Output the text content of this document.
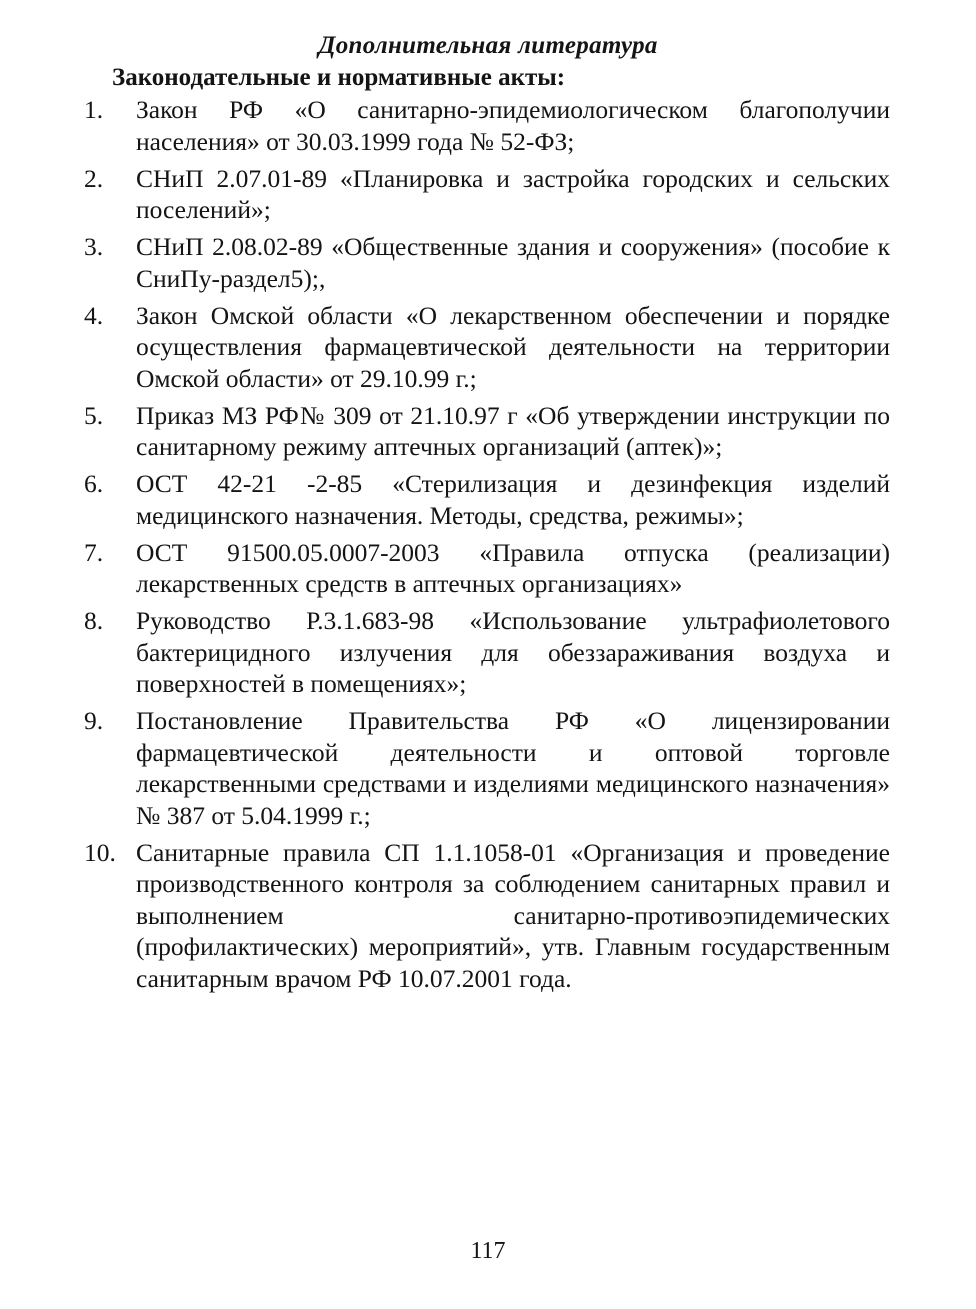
Дополнительная литература
Законодательные и нормативные акты:
1.	Закон РФ «О санитарно-эпидемиологическом благополучии населения» от 30.03.1999 года № 52-ФЗ;
2.	СНиП 2.07.01-89 «Планировка и застройка городских и сельских поселений»;
3.	СНиП 2.08.02-89 «Общественные здания и сооружения» (пособие к СниПу-раздел5);,
4.	Закон Омской области «О лекарственном обеспечении и порядке осуществления фармацевтической деятельности на территории Омской области» от 29.10.99 г.;
5.	Приказ МЗ РФ№ 309 от 21.10.97 г «Об утверждении инструкции по санитарному режиму аптечных организаций (аптек)»;
6.	ОСТ 42-21 -2-85 «Стерилизация и дезинфекция изделий медицинского назначения. Методы, средства, режимы»;
7.	ОСТ 91500.05.0007-2003 «Правила отпуска (реализации) лекарственных средств в аптечных организациях»
8.	Руководство Р.3.1.683-98 «Использование ультрафиолетового бактерицидного излучения для обеззараживания воздуха и поверхностей в помещениях»;
9.	Постановление Правительства РФ «О лицензировании фармацевтической деятельности и оптовой торговле лекарственными средствами и изделиями медицинского назначения» № 387 от 5.04.1999 г.;
10. Санитарные правила СП 1.1.1058-01 «Организация и проведение производственного контроля за соблюдением санитарных правил и выполнением санитарно-противоэпидемических (профилактических) мероприятий», утв. Главным государственным санитарным врачом РФ 10.07.2001 года.
117
